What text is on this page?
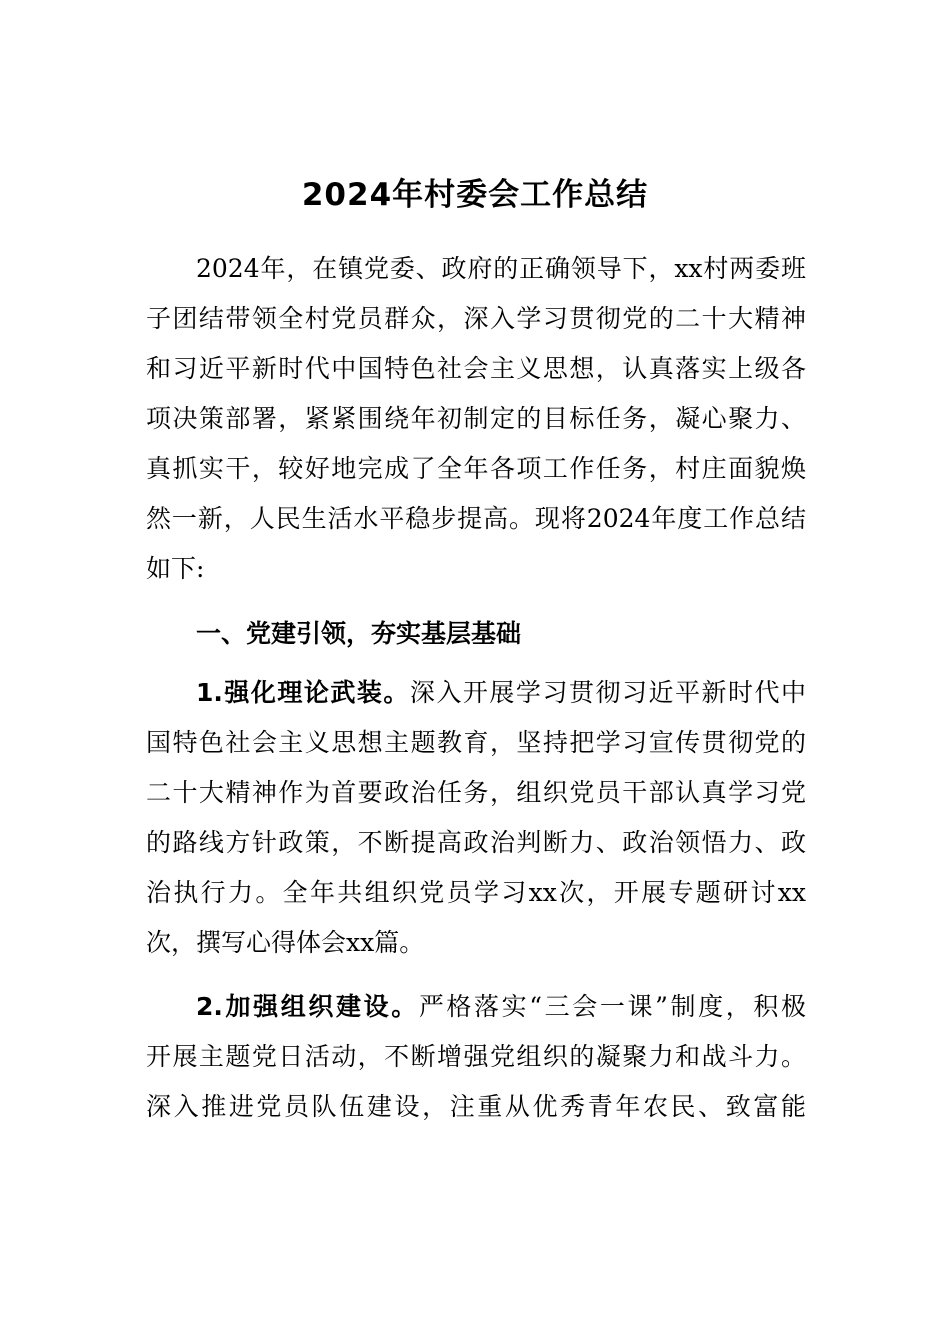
2024年村委会工作总结
2024年，在镇党委、政府的正确领导下，xx村两委班
子团结带领全村党员群众，深入学习贯彻党的二十大精神
和习近平新时代中国特色社会主义思想，认真落实上级各
项决策部署，紧紧围绕年初制定的目标任务，凝心聚力、
真抓实干，较好地完成了全年各项工作任务，村庄面貌焕
然一新，人民生活水平稳步提高。现将2024年度工作总结
如下:
一、党建引领，夯实基层基础
1.强化理论武装。深入开展学习贯彻习近平新时代中
国特色社会主义思想主题教育，坚持把学习宣传贯彻党的
二十大精神作为首要政治任务，组织党员干部认真学习党
的路线方针政策，不断提高政治判断力、政治领悟力、政
治执行力。全年共组织党员学习xx次，开展专题研讨xx
次，撰写心得体会xx篇。
2.加强组织建设。严格落实“三会一课”制度，积极
开展主题党日活动，不断增强党组织的凝聚力和战斗力。
深入推进党员队伍建设，注重从优秀青年农民、致富能
